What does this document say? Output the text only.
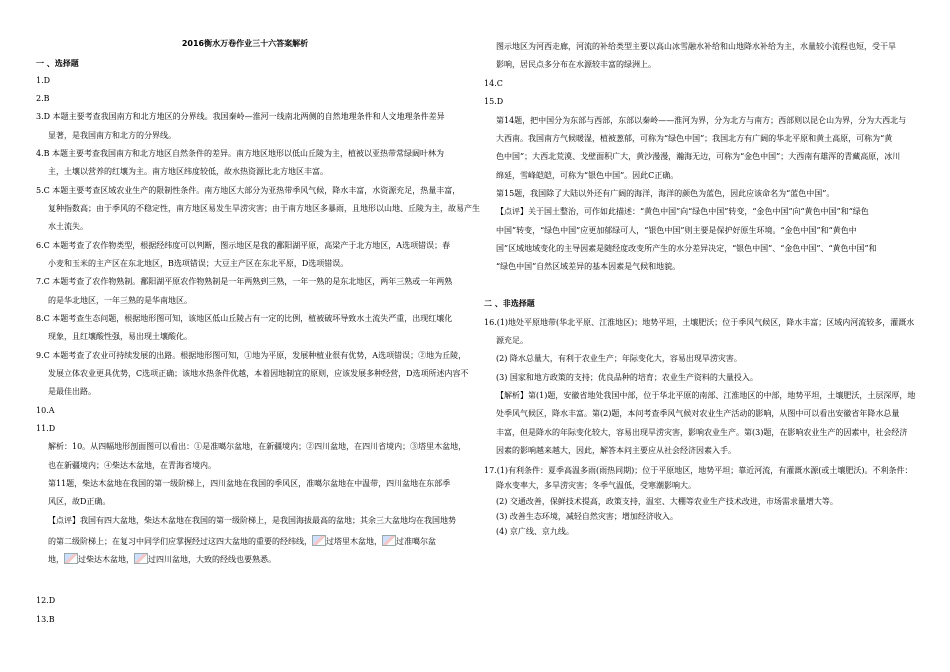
2016衡水万卷作业三十六答案解析
一 、选择题
1.D
2.B
3.D 本题主要考查我国南方和北方地区的分界线。我国秦岭—淮河一线南北两侧的自然地理条件和人文地理条件差异
显著，是我国南方和北方的分界线。
4.B 本题主要考查我国南方和北方地区自然条件的差异。南方地区地形以低山丘陵为主，植被以亚热带常绿阔叶林为
主，土壤以营养的红壤为主。南方地区纬度较低，故水热资源比北方地区丰富。
5.C 本题主要考查区域农业生产的限制性条件。南方地区大部分为亚热带季风气候，降水丰富，水资源充足，热量丰富，
复种指数高；由于季风的不稳定性，南方地区易发生旱涝灾害；由于南方地区多暴雨，且地形以山地、丘陵为主，故易产生
水土流失。
6.C 本题考查了农作物类型，根据经纬度可以判断，图示地区是我的鄱阳湖平原，高梁产于北方地区，A选项错误；春
小麦和玉米的主产区在东北地区，B选项错误；大豆主产区在东北平原，D选项错误。
7.C 本题考查了农作物熟制。鄱阳湖平原农作物熟制是一年两熟到三熟，一年一熟的是东北地区，两年三熟或一年两熟
的是华北地区，一年三熟的是华南地区。
8.C 本题考查生态问题，根据地形图可知，该地区低山丘陵占有一定的比例，植被破坏导致水土流失严重，出现红壤化
现象，且红壤酸性强，易出现土壤酸化。
9.C 本题考查了农业可持续发展的出路。根据地形图可知，①地为平原，发展种植业很有优势，A选项错误；②地为丘陵，
发展立体农业更具优势，C选项正确；该地水热条件优越，本着因地制宜的原则，应该发展多种经营，D选项所述内容不
是最佳出路。
10.A
11.D
解析：10。从四幅地形剖面图可以看出：①是准噶尔盆地，在新疆境内；②四川盆地，在四川省境内；③塔里木盆地，
也在新疆境内；④柴达木盆地，在青海省境内。
第11题，柴达木盆地在我国的第一级阶梯上，四川盆地在我国的季风区，准噶尔盆地在中温带，四川盆地在东部季
风区，故D正确。
【点评】我国有四大盆地，柴达木盆地在我国的第一级阶梯上，是我国海拔最高的盆地；其余三大盆地均在我国地势
的第二级阶梯上；在复习中同学们应掌握经过这四大盆地的重要的经纬线， 过塔里木盆地， 过准噶尔盆
地， 过柴达木盆地， 过四川盆地，大致的经线也要熟悉。
12.D
13.B
图示地区为河西走廊，河流的补给类型主要以高山冰雪融水补给和山地降水补给为主，水量较小流程也短，受干旱
影响，居民点多分布在水源较丰富的绿洲上。
14.C
15.D
第14题，把中国分为东部与西部，东部以秦岭——淮河为界，分为北方与南方；西部则以昆仑山为界，分为大西北与
大西南。我国南方气候暖湿，植被葱郁，可称为“绿色中国”；我国北方有广阔的华北平原和黄土高原，可称为“黄
色中国”；大西北荒漠、戈壁面积广大，黄沙漫漫，瀚海无边，可称为“金色中国”；大西南有雄浑的青藏高原，冰川
绵延，雪峰皑皑，可称为“银色中国”。因此C正确。
第15题，我国除了大陆以外还有广阔的海洋，海洋的颜色为蓝色，因此应该命名为“蓝色中国”。
【点评】关于国土整治，可作如此描述：“黄色中国”向“绿色中国”转变，“金色中国”向“黄色中国”和“绿色
中国”转变，“绿色中国”应更加郁绿可人，“银色中国”则主要是保护好原生环境。“金色中国”和“黄色中
国”区域地域变化的主导因素是随经度改变所产生的水分差异决定，“银色中国”、“金色中国”、“黄色中国”和
“绿色中国”自然区域差异的基本因素是气候和地貌。
二 、非选择题
16.(1)地处平原地带(华北平原、江淮地区)；地势平坦，土壤肥沃；位于季风气候区，降水丰富；区域内河流较多，灌溉水
源充足。
(2) 降水总量大，有利于农业生产；年际变化大，容易出现旱涝灾害。
(3) 国家和地方政策的支持；优良品种的培育；农业生产资料的大量投入。
【解析】第(1)题，安徽省地处我国中部，位于华北平原的南部、江淮地区的中部，地势平坦，土壤肥沃，土层深厚，地
处季风气候区，降水丰富。第(2)题，本问考查季风气候对农业生产活动的影响，从图中可以看出安徽省年降水总量
丰富，但是降水的年际变化较大，容易出现旱涝灾害，影响农业生产。第(3)题，在影响农业生产的因素中，社会经济
因素的影响越来越大，因此，解答本问主要应从社会经济因素入手。
17.(1)有利条件：夏季高温多雨(雨热同期)；位于平原地区，地势平坦；靠近河流，有灌溉水源(或土壤肥沃)。不利条件：
降水变率大，多旱涝灾害；冬季气温低，受寒潮影响大。
(2) 交通改善，保鲜技术提高，政策支持，温室、大棚等农业生产技术改进，市场需求量增大等。
(3) 改善生态环境，减轻自然灾害；增加经济收入。
(4) 京广线、京九线。
